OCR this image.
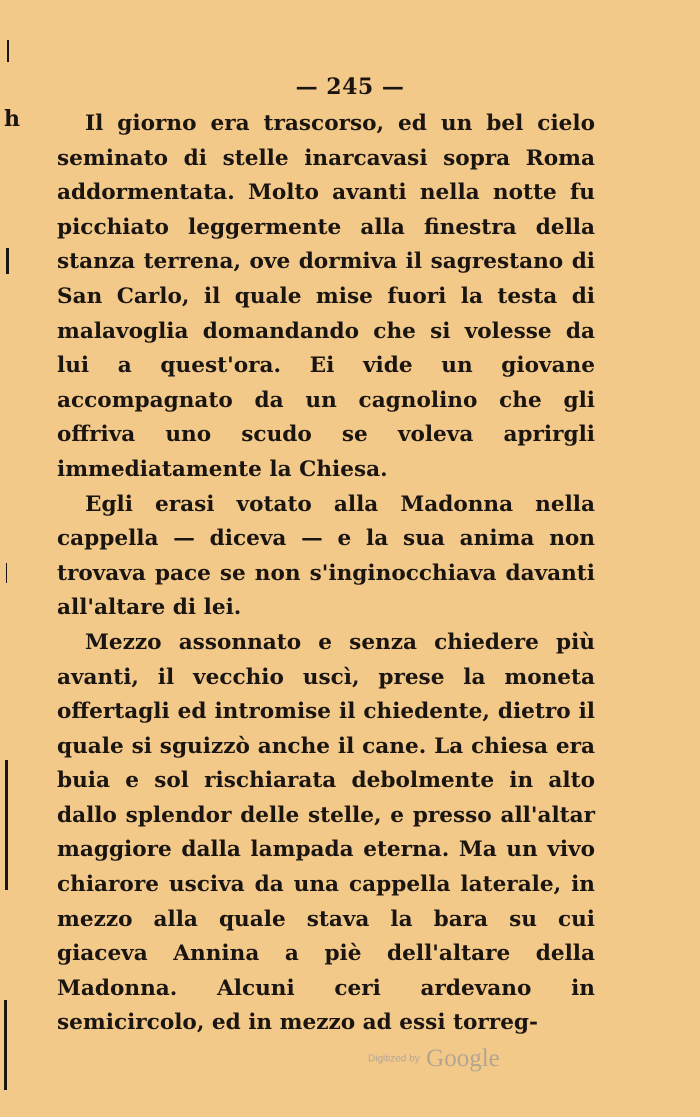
— 245 —
h	Il giorno era trascorso, ed un bel cielo seminato di stelle inarcavasi sopra Roma addormentata. Molto avanti nella notte fu picchiato leggermente alla finestra della stanza terrena, ove dormiva il sagrestano di San Carlo, il quale mise fuori la testa di malavoglia domandando che si volesse da lui a quest'ora. Ei vide un giovane accompagnato da un cagnolino che gli offriva uno scudo se voleva aprirgli immediatamente la Chiesa.

Egli erasi votato alla Madonna nella cappella — diceva — e la sua anima non trovava pace se non s'inginocchiava davanti all'altare di lei.

Mezzo assonnato e senza chiedere più avanti, il vecchio uscì, prese la moneta offertagli ed intromise il chiedente, dietro il quale si sguizzò anche il cane. La chiesa era buia e sol rischiarata debolmente in alto dallo splendor delle stelle, e presso all'altar maggiore dalla lampada eterna. Ma un vivo chiarore usciva da una cappella laterale, in mezzo alla quale stava la bara su cui giaceva Annina a piè dell'altare della Madonna. Alcuni ceri ardevano in semicircolo, ed in mezzo ad essi torreg-

Digitized by Google
